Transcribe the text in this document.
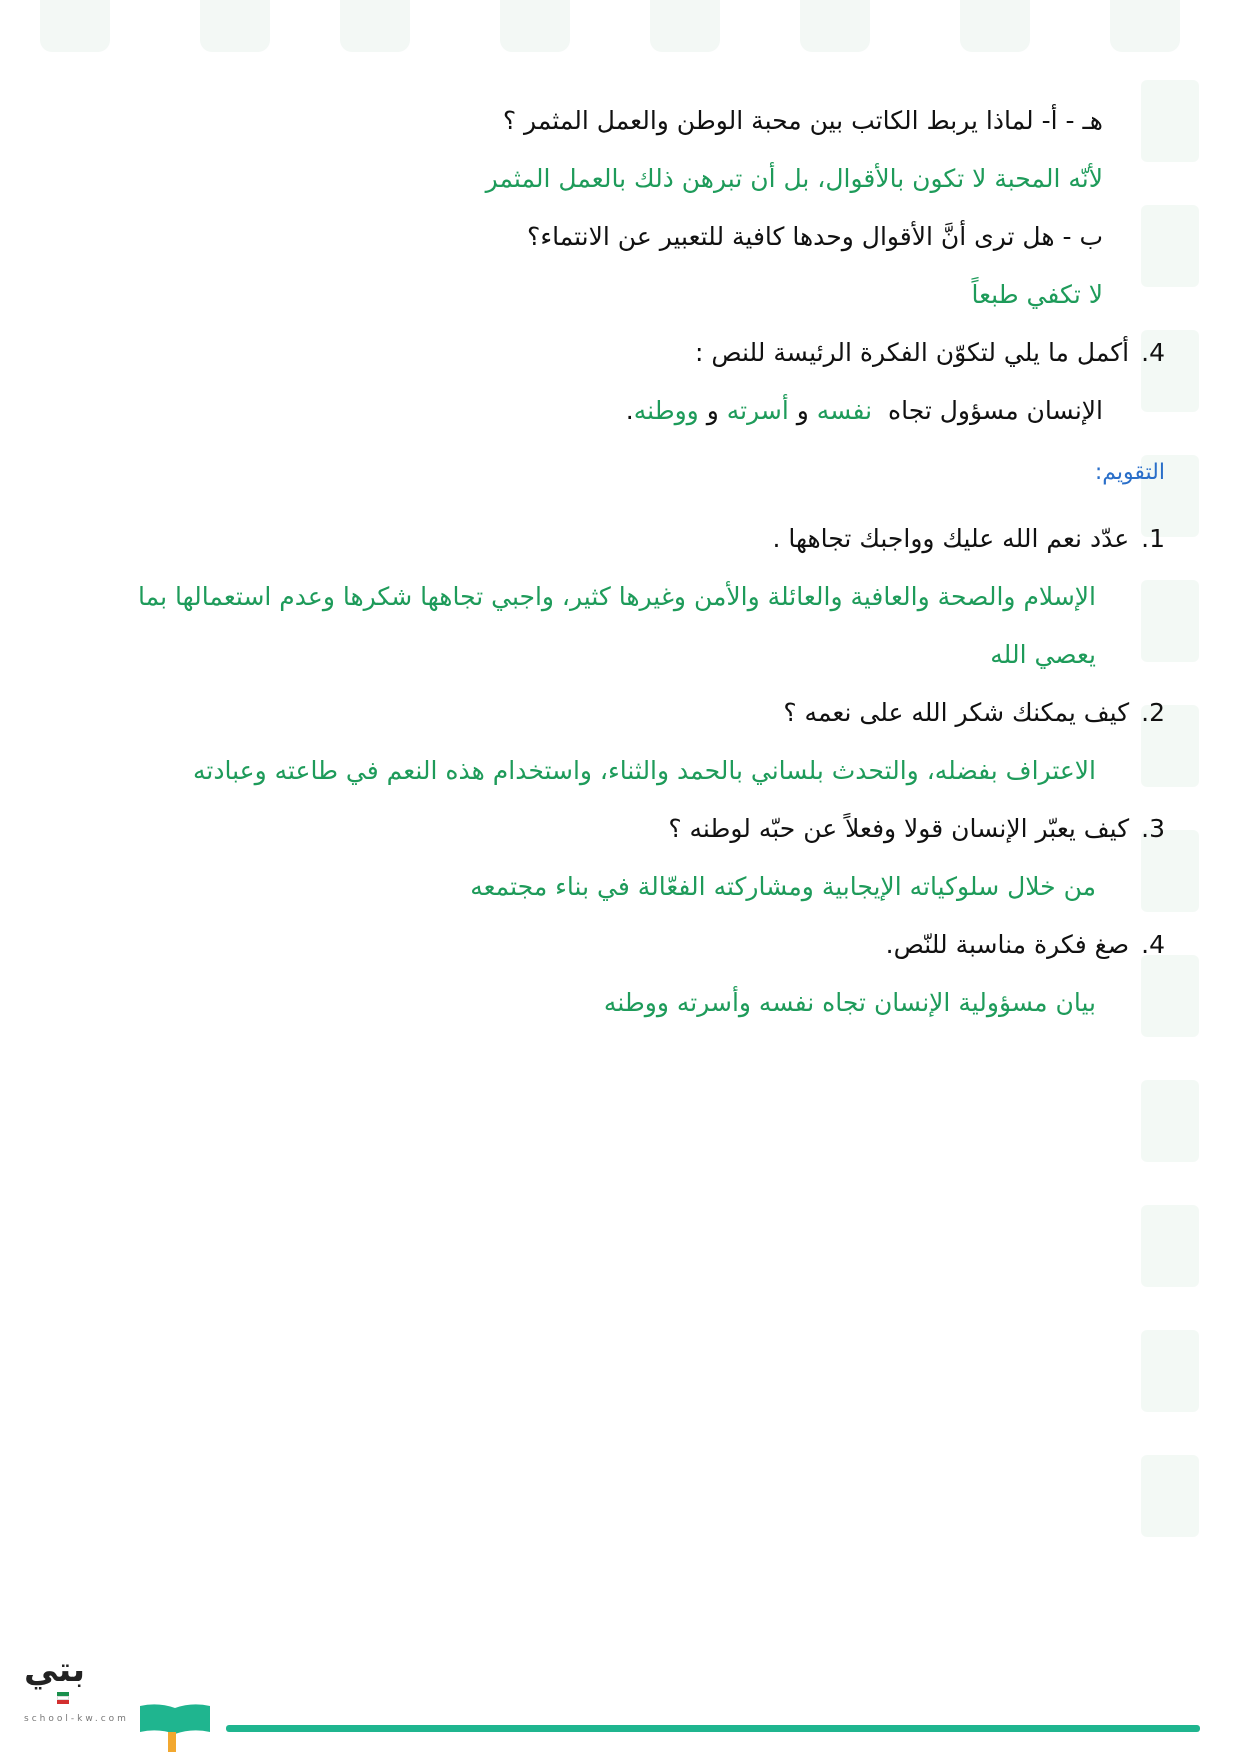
هـ - أ- لماذا يربط الكاتب بين محبة الوطن والعمل المثمر ؟
لأنّه المحبة لا تكون بالأقوال، بل أن تبرهن ذلك بالعمل المثمر
ب - هل ترى أنَّ الأقوال وحدها كافية للتعبير عن الانتماء؟
لا تكفي طبعاً
4.أكمل ما يلي لتكوّن الفكرة الرئيسة للنص :
الإنسان مسؤول تجاه  نفسه و أسرته و ووطنه.
التقويم:
1.عدّد نعم الله عليك وواجبك تجاهها .
الإسلام والصحة والعافية والعائلة والأمن وغيرها كثير، واجبي تجاهها شكرها وعدم استعمالها بما
يعصي الله
2.كيف يمكنك شكر الله على نعمه ؟
الاعتراف بفضله، والتحدث بلساني بالحمد والثناء، واستخدام هذه النعم في طاعته وعبادته
3.كيف يعبّر الإنسان قولا وفعلاً عن حبّه لوطنه ؟
من خلال سلوكياته الإيجابية ومشاركته الفعّالة في بناء مجتمعه
4.صغ فكرة مناسبة للنّص.
بيان مسؤولية الإنسان تجاه نفسه وأسرته ووطنه
بتي
school-kw.com
